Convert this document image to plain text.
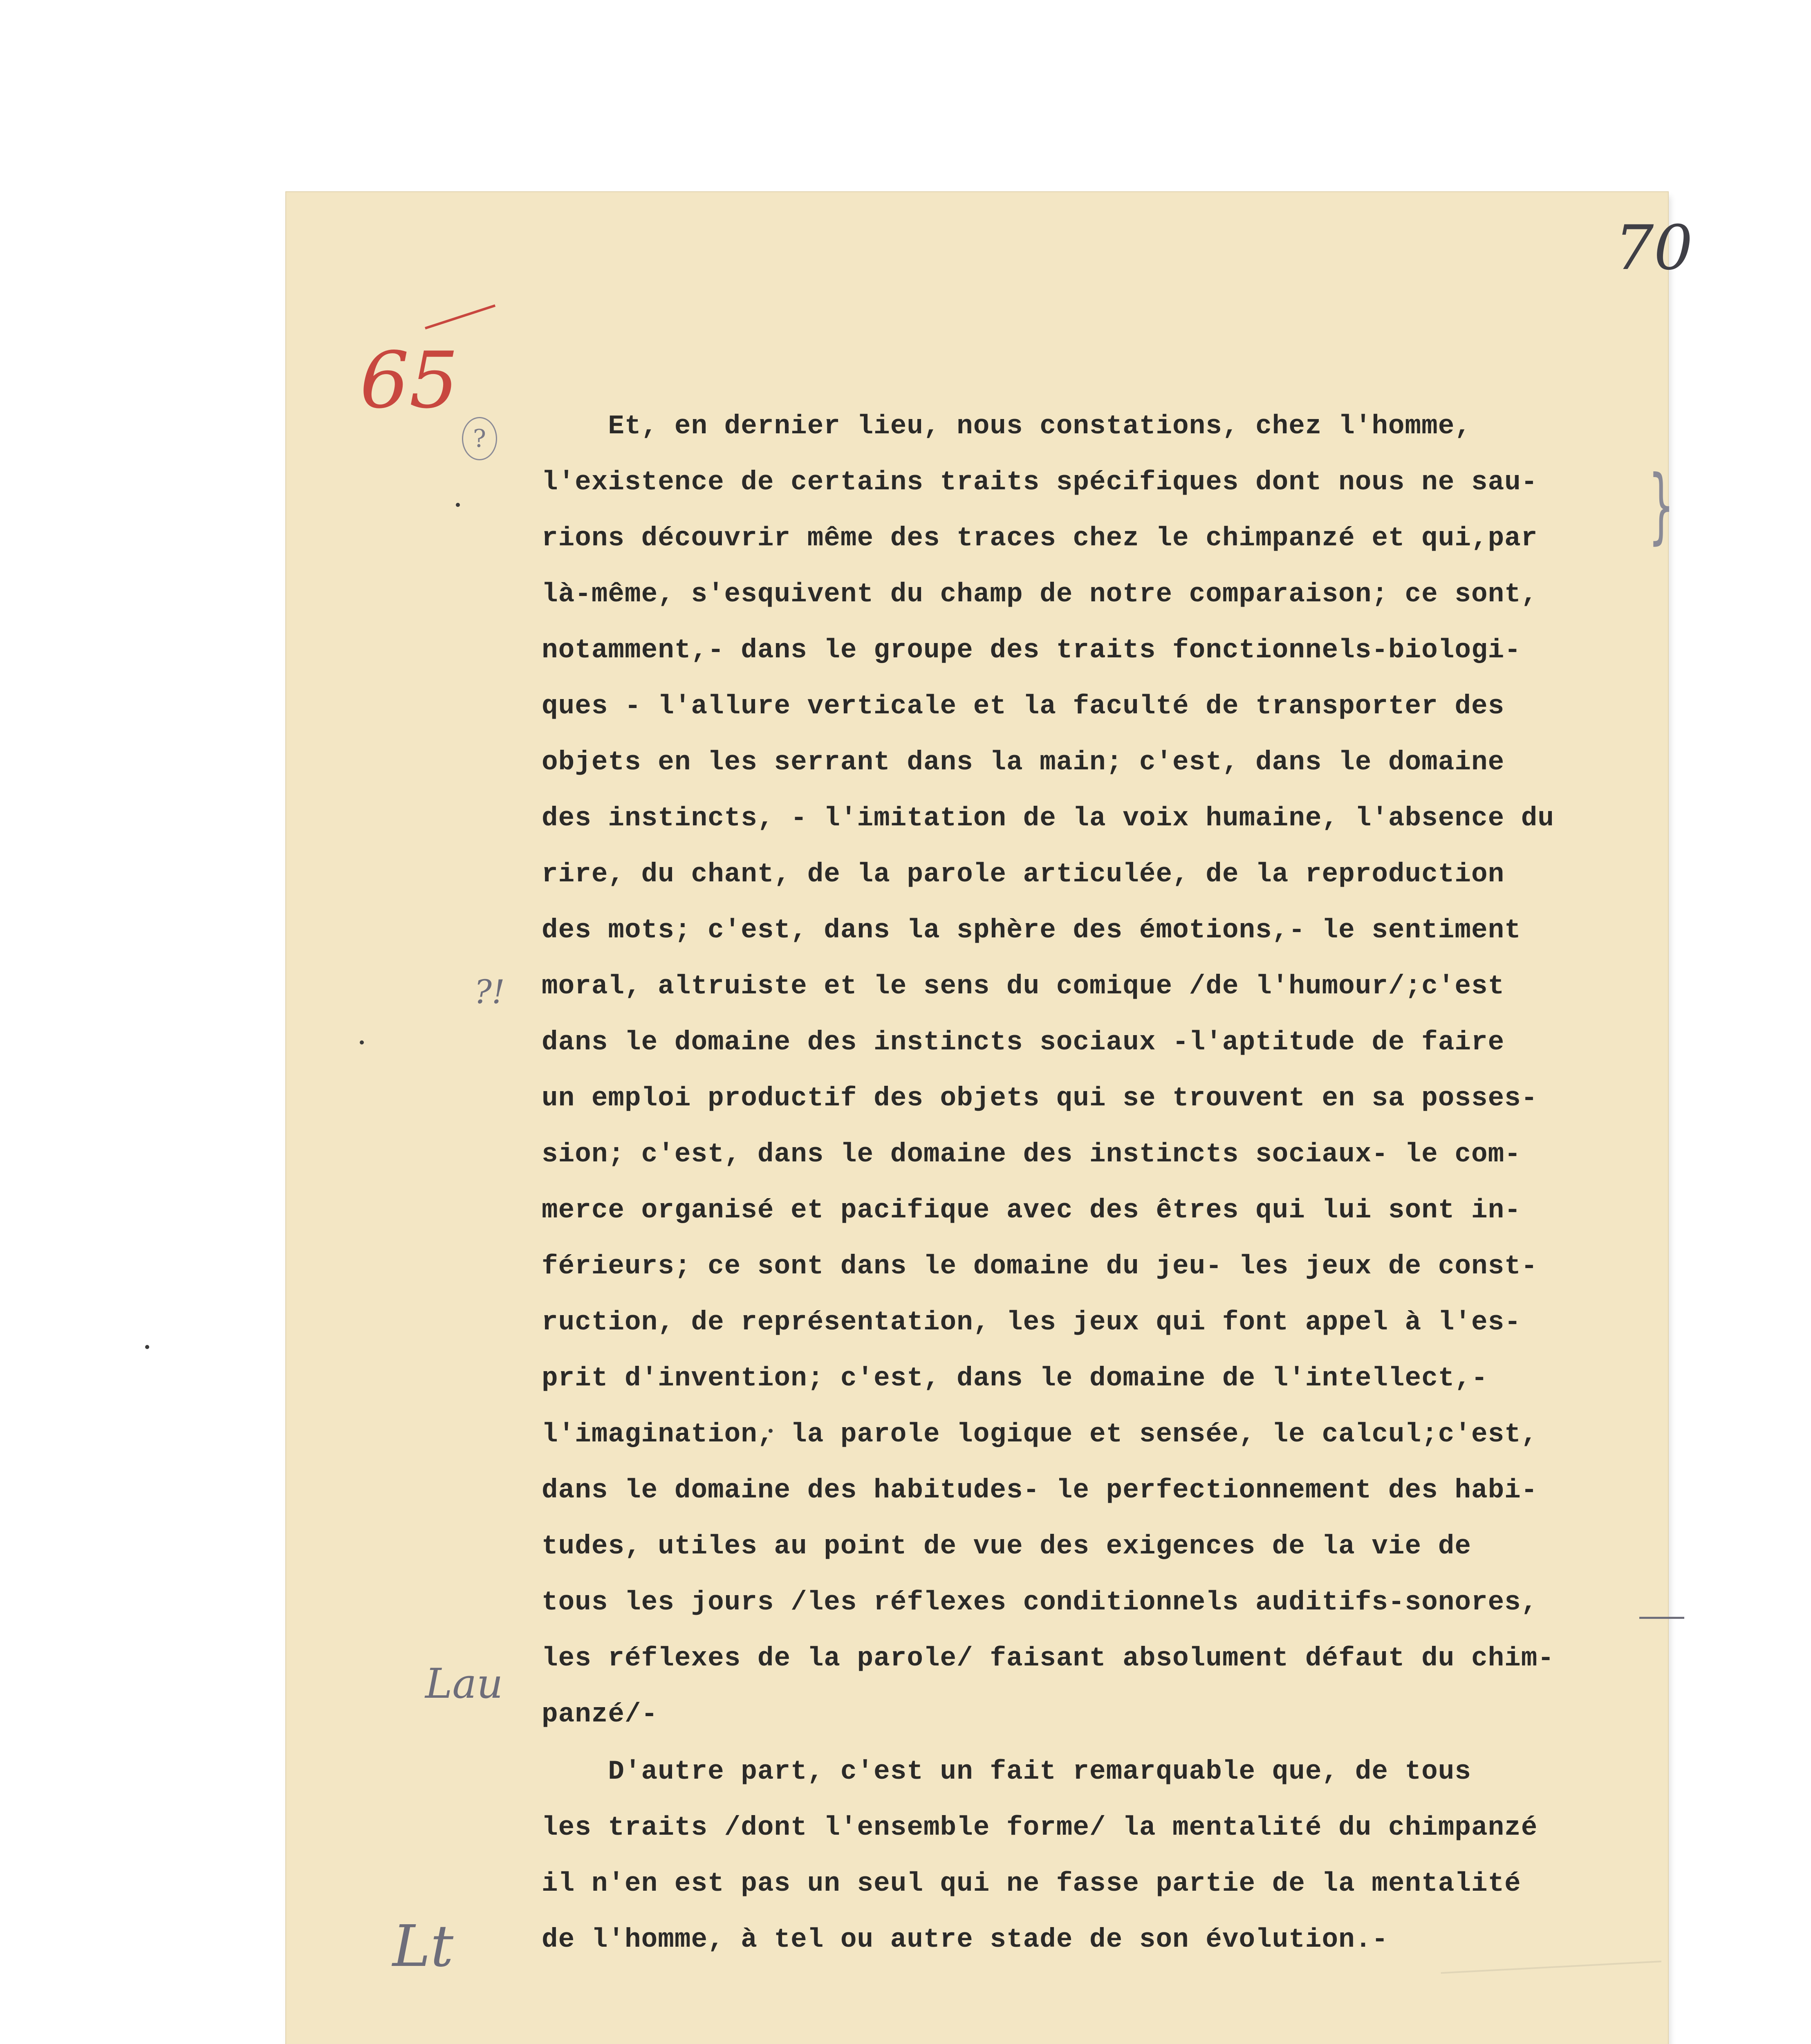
70
65
?
?!
Lau
Lt
}
Et, en dernier lieu, nous constations, chez l'homme,
l'existence de certains traits spécifiques dont nous ne sau-
rions découvrir même des traces chez le chimpanzé et qui,par
là-même, s'esquivent du champ de notre comparaison; ce sont,
notamment,- dans le groupe des traits fonctionnels-biologi-
ques - l'allure verticale et la faculté de transporter des
objets en les serrant dans la main; c'est, dans le domaine
des instincts, - l'imitation de la voix humaine, l'absence du
rire, du chant, de la parole articulée, de la reproduction
des mots; c'est, dans la sphère des émotions,- le sentiment
moral, altruiste et le sens du comique /de l'humour/;c'est
dans le domaine des instincts sociaux -l'aptitude de faire
un emploi productif des objets qui se trouvent en sa posses-
sion; c'est, dans le domaine des instincts sociaux- le com-
merce organisé et pacifique avec des êtres qui lui sont in-
férieurs; ce sont dans le domaine du jeu- les jeux de const-
ruction, de représentation, les jeux qui font appel à l'es-
prit d'invention; c'est, dans le domaine de l'intellect,-
l'imagination, la parole logique et sensée, le calcul;c'est,
dans le domaine des habitudes- le perfectionnement des habi-
tudes, utiles au point de vue des exigences de la vie de
tous les jours /les réflexes conditionnels auditifs-sonores,
les réflexes de la parole/ faisant absolument défaut du chim-
panzé/-
D'autre part, c'est un fait remarquable que, de tous
les traits /dont l'ensemble forme/ la mentalité du chimpanzé
il n'en est pas un seul qui ne fasse partie de la mentalité
de l'homme, à tel ou autre stade de son évolution.-
